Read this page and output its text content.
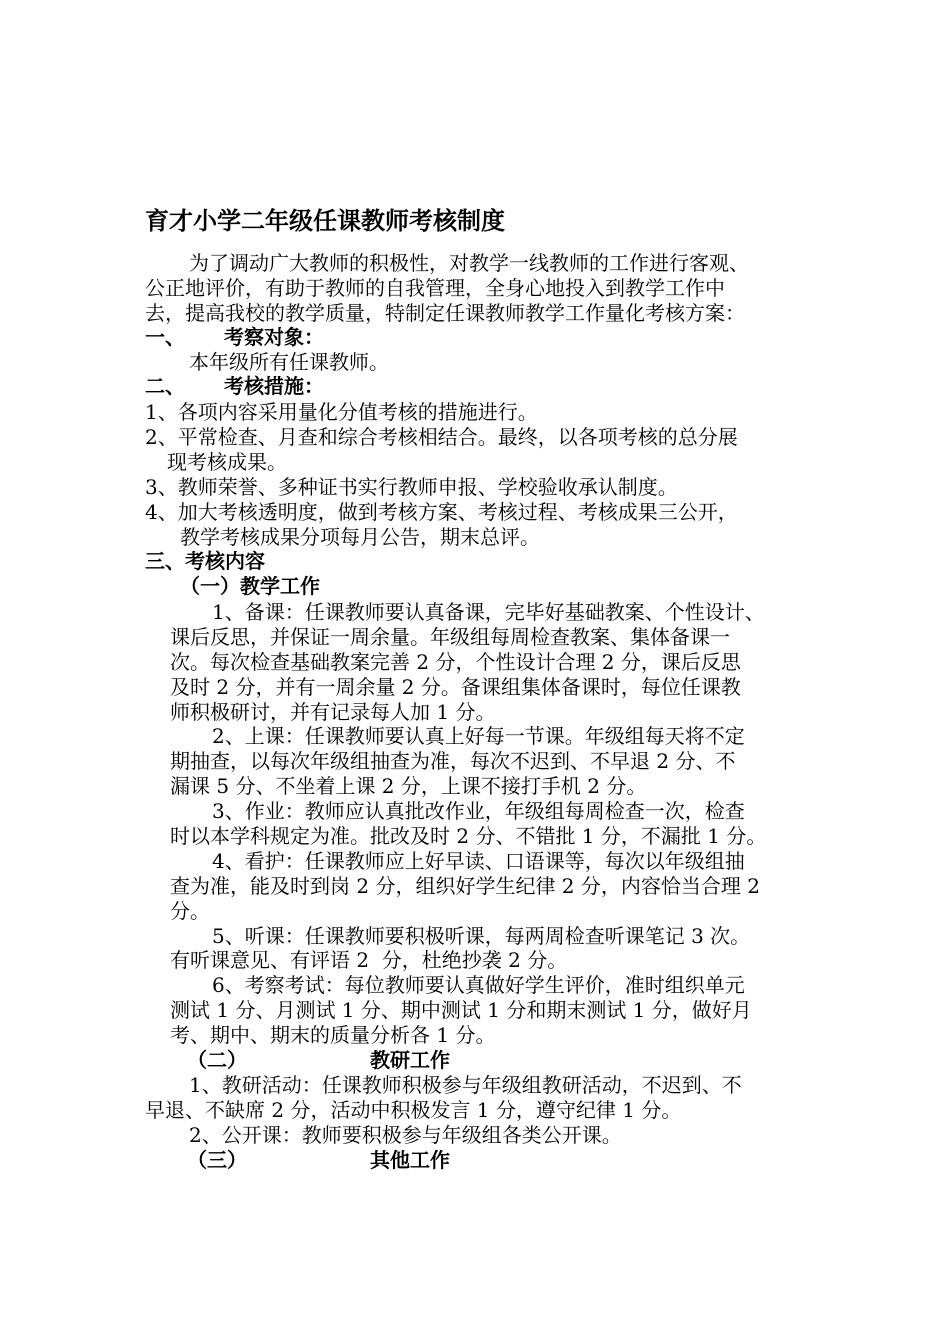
育才小学二年级任课教师考核制度
为了调动广大教师的积极性，对教学一线教师的工作进行客观、
公正地评价，有助于教师的自我管理，全身心地投入到教学工作中
去，提高我校的教学质量，特制定任课教师教学工作量化考核方案：
一、 考察对象：
本年级所有任课教师。
二、 考核措施：
1、各项内容采用量化分值考核的措施进行。
2、平常检查、月查和综合考核相结合。最终，以各项考核的总分展
现考核成果。
3、教师荣誉、多种证书实行教师申报、学校验收承认制度。
4、加大考核透明度，做到考核方案、考核过程、考核成果三公开，
教学考核成果分项每月公告，期末总评。
三、考核内容
（一）教学工作
1、备课：任课教师要认真备课，完毕好基础教案、个性设计、
课后反思，并保证一周余量。年级组每周检查教案、集体备课一
次。每次检查基础教案完善 2 分，个性设计合理 2 分，课后反思
及时 2 分，并有一周余量 2 分。备课组集体备课时，每位任课教
师积极研讨，并有记录每人加 1 分。
2、上课：任课教师要认真上好每一节课。年级组每天将不定
期抽查，以每次年级组抽查为准，每次不迟到、不早退 2 分、不
漏课 5 分、不坐着上课 2 分，上课不接打手机 2 分。
3、作业：教师应认真批改作业，年级组每周检查一次，检查
时以本学科规定为准。批改及时 2 分、不错批 1 分，不漏批 1 分。
4、看护：任课教师应上好早读、口语课等，每次以年级组抽
查为准，能及时到岗 2 分，组织好学生纪律 2 分，内容恰当合理 2
分。
5、听课：任课教师要积极听课，每两周检查听课笔记 3 次。
有听课意见、有评语 2  分，杜绝抄袭 2 分。
6、考察考试：每位教师要认真做好学生评价，准时组织单元
测试 1 分、月测试 1 分、期中测试 1 分和期末测试 1 分，做好月
考、期中、期末的质量分析各 1 分。
（二）	教研工作
1、教研活动：任课教师积极参与年级组教研活动，不迟到、不
早退、不缺席 2 分，活动中积极发言 1 分，遵守纪律 1 分。
2、公开课：教师要积极参与年级组各类公开课。
（三）	其他工作
